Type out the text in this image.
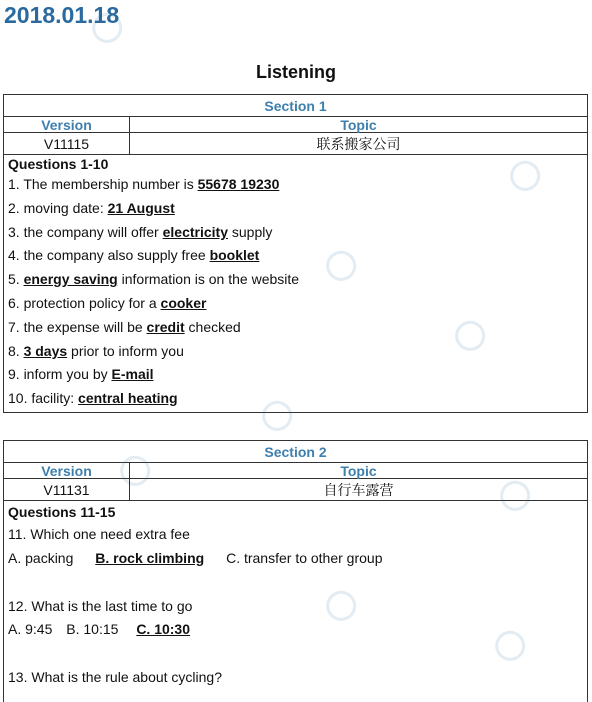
2018.01.18
Listening
Section 1
Version	Topic
V11115	联系搬家公司
Questions 1-10
1. The membership number is 55678 19230
2. moving date: 21 August
3. the company will offer electricity supply
4. the company also supply free booklet
5. energy saving information is on the website
6. protection policy for a cooker
7. the expense will be credit checked
8. 3 days prior to inform you
9. inform you by E-mail
10. facility: central heating
Section 2
Version	Topic
V11131	自行车露营
Questions 11-15
11. Which one need extra fee
A. packing B. rock climbing C. transfer to other group
12. What is the last time to go
A. 9:45 B. 10:15 C. 10:30
13. What is the rule about cycling?
